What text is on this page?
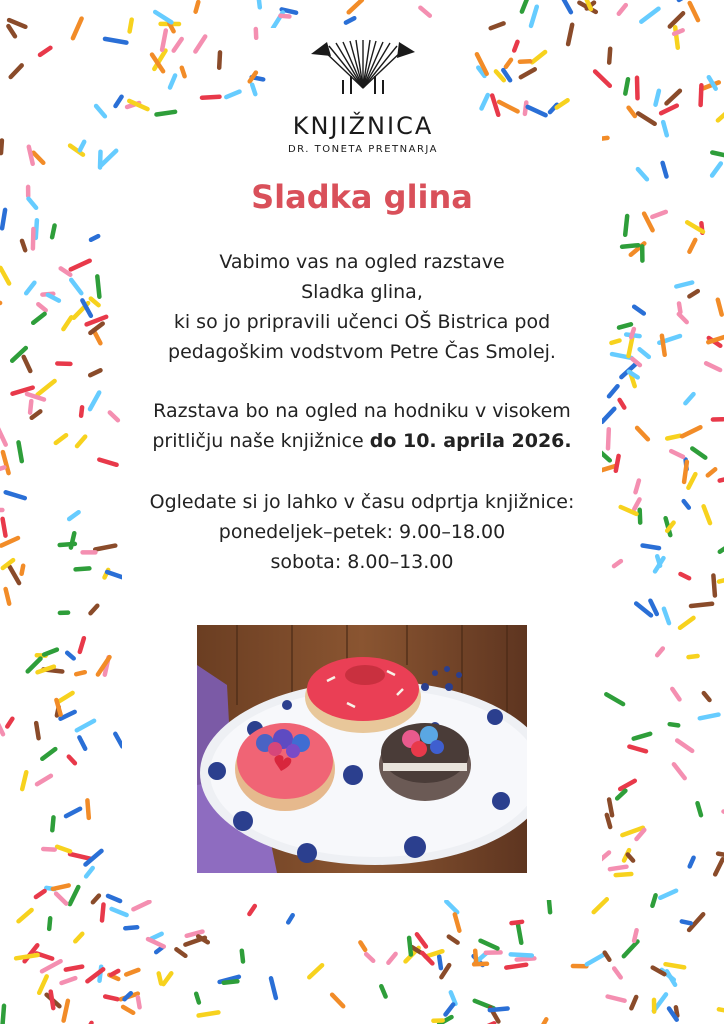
KNJIŽNICA
DR. TONETA PRETNARJA
Sladka glina

Vabimo vas na ogled razstave

Sladka glina,

ki so jo pripravili učenci OŠ Bistrica pod

pedagoškim vodstvom Petre Čas Smolej.

Razstava bo na ogled na hodniku v visokem

pritličju naše knjižnice do 10. aprila 2026.

Ogledate si jo lahko v času odprtja knjižnice:

ponedeljek–petek: 9.00–18.00

sobota: 8.00–13.00
